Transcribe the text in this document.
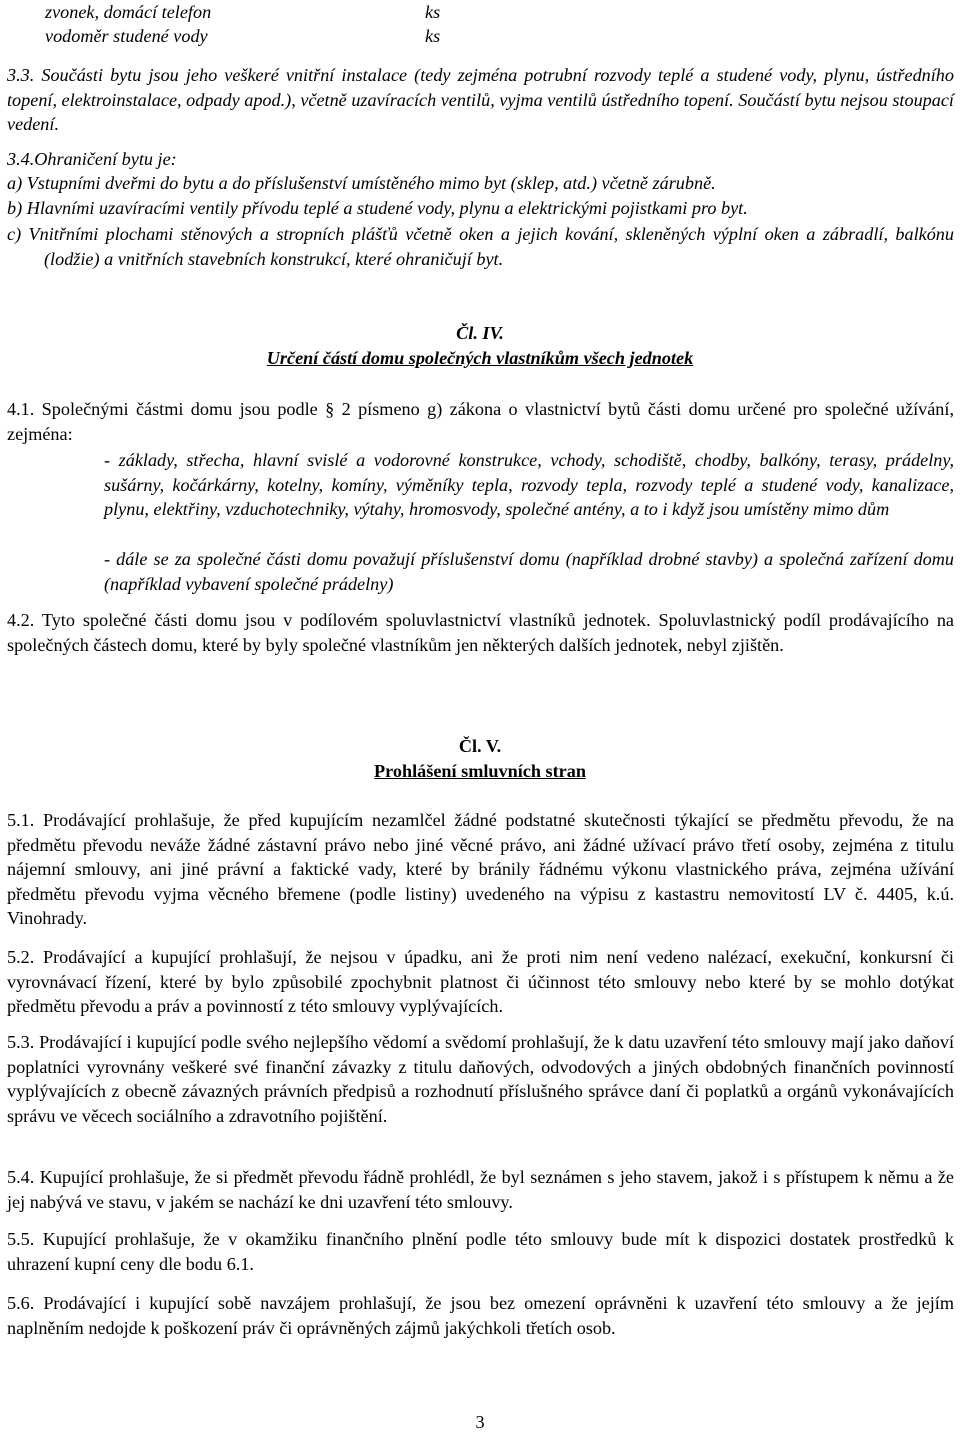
zvonek, domácí telefon	ks
vodoměr studené vody	ks
3.3. Součásti bytu jsou jeho veškeré vnitřní instalace (tedy zejména potrubní rozvody teplé a studené vody, plynu, ústředního topení, elektroinstalace, odpady apod.), včetně uzavíracích ventilů, vyjma ventilů ústředního topení. Součástí bytu nejsou stoupací vedení.
3.4.Ohraničení bytu je:
a) Vstupními dveřmi do bytu a do příslušenství umístěného mimo byt (sklep, atd.) včetně zárubně.
b) Hlavními uzavíracími ventily přívodu teplé a studené vody, plynu a elektrickými pojistkami pro byt.
c) Vnitřními plochami stěnových a stropních plášťů včetně oken a jejich kování, skleněných výplní oken a zábradlí, balkónu (lodžie) a vnitřních stavebních konstrukcí, které ohraničují byt.
Čl. IV.
Určení částí domu společných vlastníkům všech jednotek
4.1. Společnými částmi domu jsou podle § 2 písmeno g) zákona o vlastnictví bytů části domu určené pro společné užívání, zejména:
- základy, střecha, hlavní svislé a vodorovné konstrukce, vchody, schodiště, chodby, balkóny, terasy, prádelny, sušárny, kočárkárny, kotelny, komíny, výměníky tepla, rozvody tepla, rozvody teplé a studené vody, kanalizace, plynu, elektřiny, vzduchotechniky, výtahy, hromosvody, společné antény, a to i když jsou umístěny mimo dům
- dále se za společné části domu považují příslušenství domu (například drobné stavby) a společná zařízení domu (například vybavení společné prádelny)
4.2. Tyto společné části domu jsou v podílovém spoluvlastnictví vlastníků jednotek. Spoluvlastnický podíl prodávajícího na společných částech domu, které by byly společné vlastníkům jen některých dalších jednotek, nebyl zjištěn.
Čl. V.
Prohlášení smluvních stran
5.1. Prodávající prohlašuje, že před kupujícím nezamlčel žádné podstatné skutečnosti týkající se předmětu převodu, že na předmětu převodu neváže žádné zástavní právo nebo jiné věcné právo, ani žádné užívací právo třetí osoby, zejména z titulu nájemní smlouvy, ani jiné právní a faktické vady, které by bránily řádnému výkonu vlastnického práva, zejména užívání předmětu převodu vyjma věcného břemene (podle listiny) uvedeného na výpisu z kastastru nemovitostí LV č. 4405, k.ú. Vinohrady.
5.2. Prodávající a kupující prohlašují, že nejsou v úpadku, ani že proti nim není vedeno nalézací, exekuční, konkursní či vyrovnávací řízení, které by bylo způsobilé zpochybnit platnost či účinnost této smlouvy nebo které by se mohlo dotýkat předmětu převodu a práv a povinností z této smlouvy vyplývajících.
5.3. Prodávající i kupující podle svého nejlepšího vědomí a svědomí prohlašují, že k datu uzavření této smlouvy mají jako daňoví poplatníci vyrovnány veškeré své finanční závazky z titulu daňových, odvodových a jiných obdobných finančních povinností vyplývajících z obecně závazných právních předpisů a rozhodnutí příslušného správce daní či poplatků a orgánů vykonávajících správu ve věcech sociálního a zdravotního pojištění.
5.4. Kupující prohlašuje, že si předmět převodu řádně prohlédl, že byl seznámen s jeho stavem, jakož i s přístupem k němu a že jej nabývá ve stavu, v jakém se nachází ke dni uzavření této smlouvy.
5.5. Kupující prohlašuje, že v okamžiku finančního plnění podle této smlouvy bude mít k dispozici dostatek prostředků k uhrazení kupní ceny dle bodu 6.1.
5.6. Prodávající i kupující sobě navzájem prohlašují, že jsou bez omezení oprávněni k uzavření této smlouvy a že jejím naplněním nedojde k poškození práv či oprávněných zájmů jakýchkoli třetích osob.
3
